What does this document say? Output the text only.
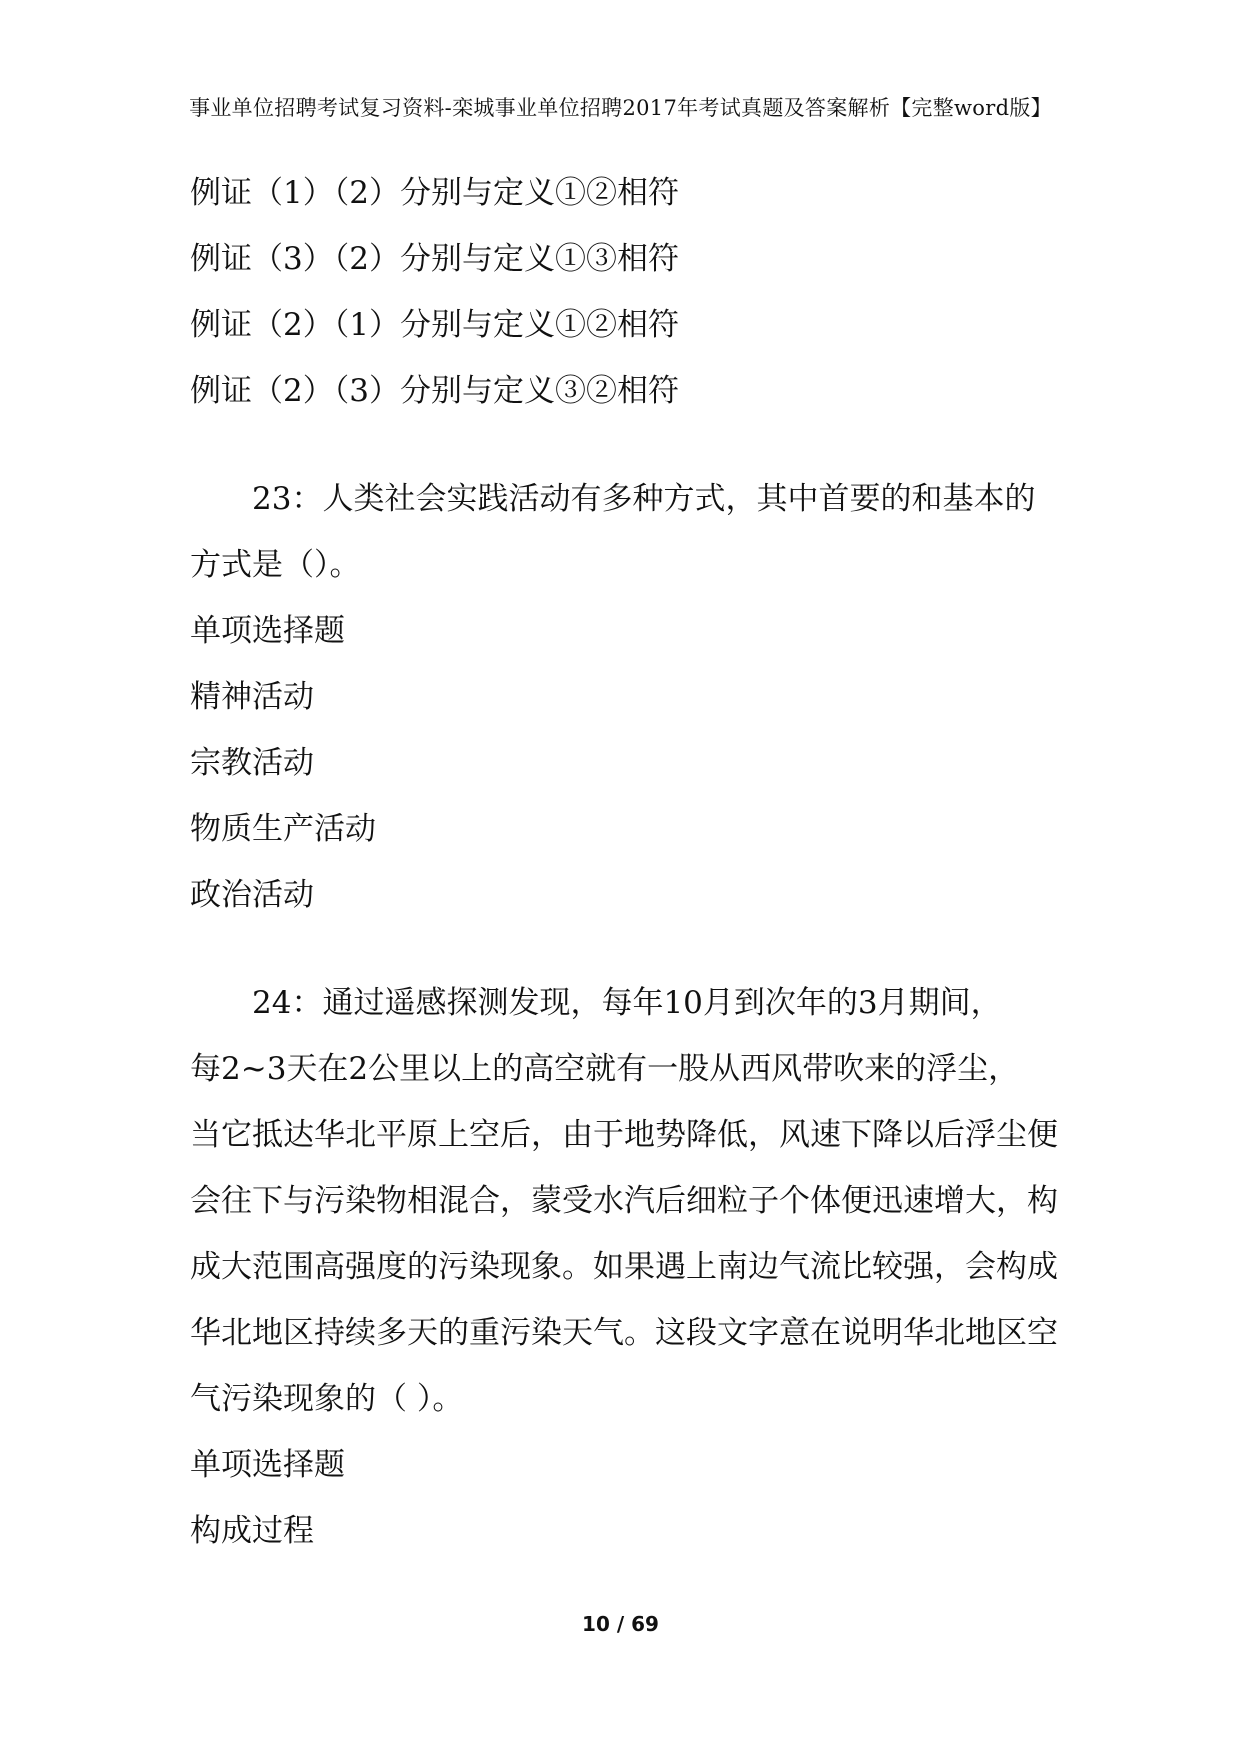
事业单位招聘考试复习资料-栾城事业单位招聘2017年考试真题及答案解析【完整word版】
例证（1）（2）分别与定义①②相符
例证（3）（2）分别与定义①③相符
例证（2）（1）分别与定义①②相符
例证（2）（3）分别与定义③②相符
23：人类社会实践活动有多种方式，其中首要的和基本的
方式是（）。
单项选择题
精神活动
宗教活动
物质生产活动
政治活动
24：通过遥感探测发现，每年10月到次年的3月期间，
每2~3天在2公里以上的高空就有一股从西风带吹来的浮尘，
当它抵达华北平原上空后，由于地势降低，风速下降以后浮尘便
会往下与污染物相混合，蒙受水汽后细粒子个体便迅速增大，构
成大范围高强度的污染现象。如果遇上南边气流比较强，会构成
华北地区持续多天的重污染天气。这段文字意在说明华北地区空
气污染现象的（ ）。
单项选择题
构成过程
10 / 69
